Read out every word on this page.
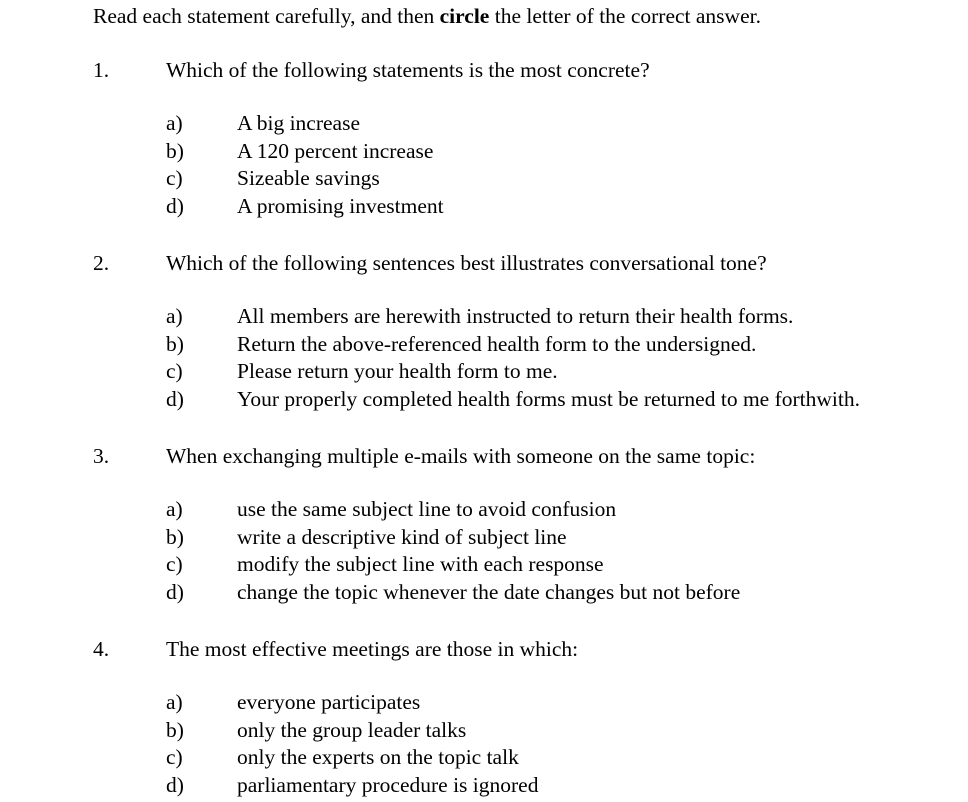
Read each statement carefully, and then circle the letter of the correct answer.
1.	Which of the following statements is the most concrete?
a)	A big increase
b) A 120 percent increase
c)	Sizeable savings
d) A promising investment
2.	Which of the following sentences best illustrates conversational tone?
a)	All members are herewith instructed to return their health forms.
b) Return the above-referenced health form to the undersigned.
c)	Please return your health form to me.
d) Your properly completed health forms must be returned to me forthwith.
3.	When exchanging multiple e-mails with someone on the same topic:
a)	use the same subject line to avoid confusion
b) write a descriptive kind of subject line
c)	modify the subject line with each response
d) change the topic whenever the date changes but not before
4.	The most effective meetings are those in which:
a)	everyone participates
b) only the group leader talks
c)	only the experts on the topic talk
d) parliamentary procedure is ignored
